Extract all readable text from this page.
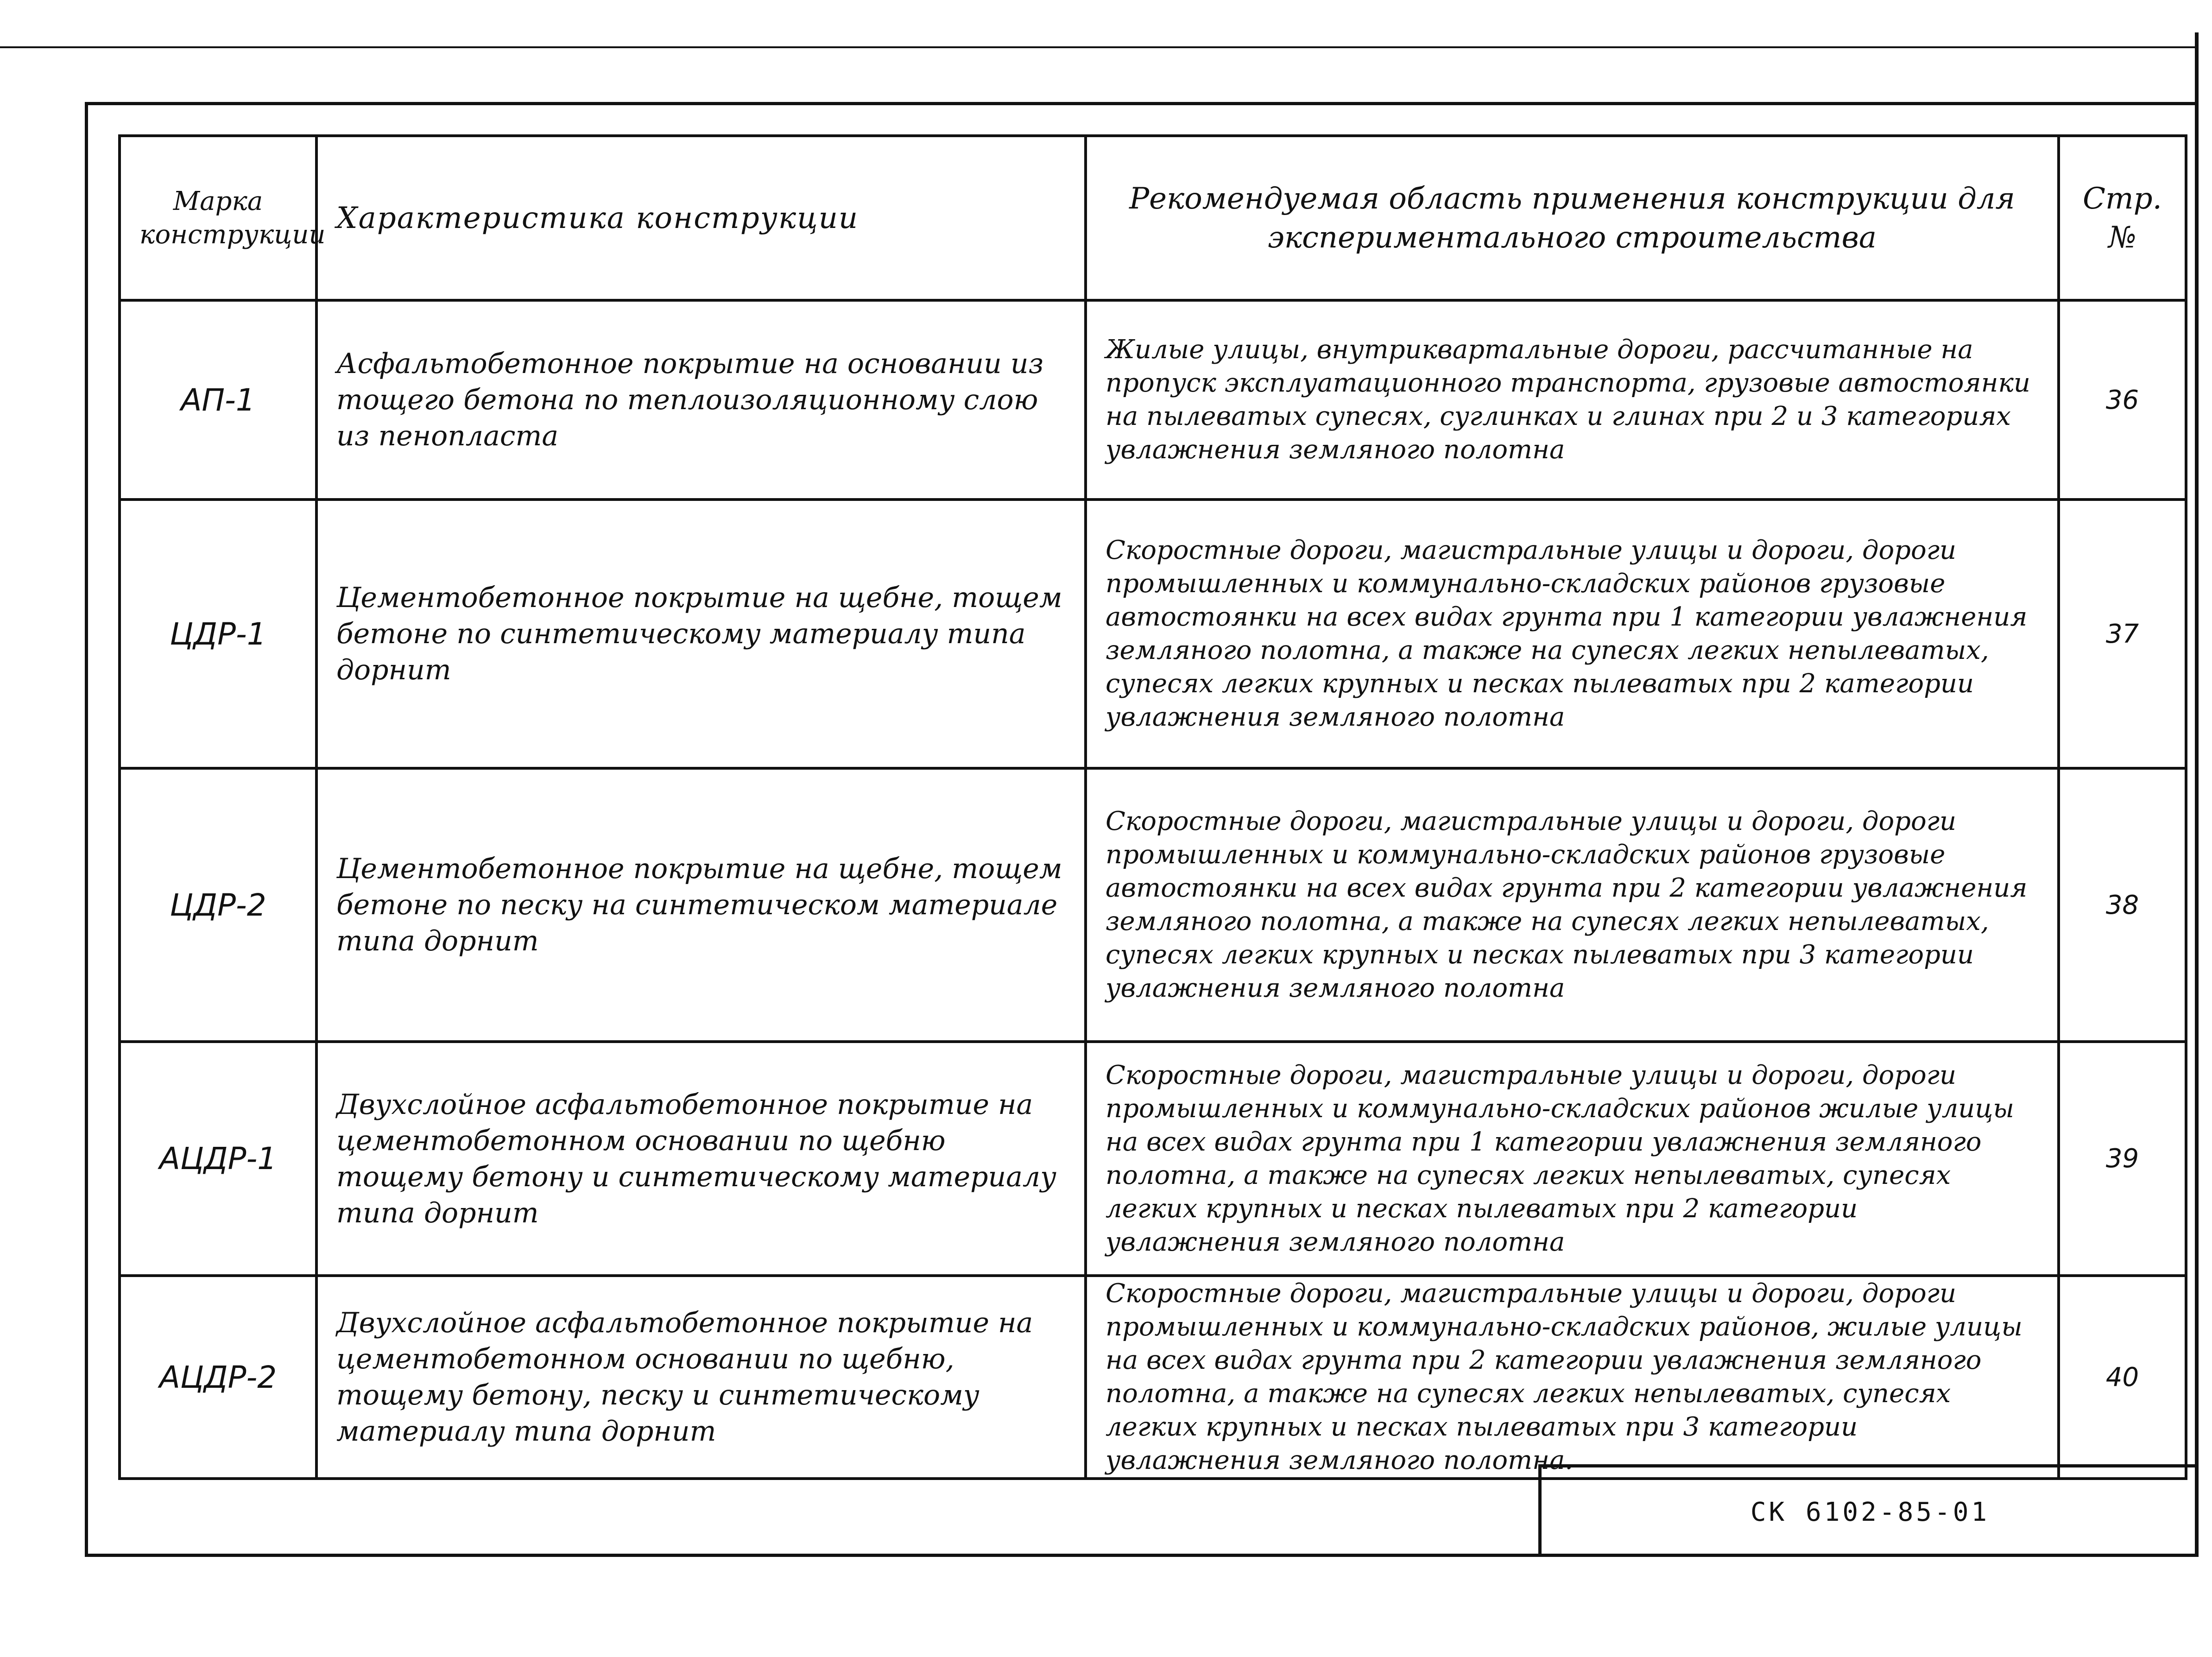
Марка конструкции	Характеристика конструкции	Рекомендуемая область применения конструкции для экспериментального строительства	Стр.№
АП-1	Асфальтобетонное покрытие на основании из тощего бетона по теплоизоляционному слою из пенопласта	Жилые улицы, внутриквартальные дороги, рассчитанные на пропуск эксплуатационного транспорта, грузовые автостоянки на пылеватых супесях, суглинках и глинах при 2 и 3 категориях увлажнения земляного полотна	36
ЦДР-1	Цементобетонное покрытие на щебне, тощем бетоне по синтетическому материалу типа дорнит	Скоростные дороги, магистральные улицы и дороги, дороги промышленных и коммунально-складских районов грузовые автостоянки на всех видах грунта при 1 категории увлажнения земляного полотна, а также на супесях легких непылеватых, супесях легких крупных и песках пылеватых при 2 категории увлажнения земляного полотна	37
ЦДР-2	Цементобетонное покрытие на щебне, тощем бетоне по песку на синтетическом материале типа дорнит	Скоростные дороги, магистральные улицы и дороги, дороги промышленных и коммунально-складских районов грузовые автостоянки на всех видах грунта при 2 категории увлажнения земляного полотна, а также на супесях легких непылеватых, супесях легких крупных и песках пылеватых при 3 категории увлажнения земляного полотна	38
АЦДР-1	Двухслойное асфальтобетонное покрытие на цементобетонном основании по щебню тощему бетону и синтетическому материалу типа дорнит	Скоростные дороги, магистральные улицы и дороги, дороги промышленных и коммунально-складских районов жилые улицы на всех видах грунта при 1 категории увлажнения земляного полотна, а также на супесях легких непылеватых, супесях легких крупных и песках пылеватых при 2 категории увлажнения земляного полотна	39
АЦДР-2	Двухслойное асфальтобетонное покрытие на цементобетонном основании по щебню, тощему бетону, песку и синтетическому материалу типа дорнит	Скоростные дороги, магистральные улицы и дороги, дороги промышленных и коммунально-складских районов, жилые улицы на всех видах грунта при 2 категории увлажнения земляного полотна, а также на супесях легких непылеватых, супесях легких крупных и песках пылеватых при 3 категории увлажнения земляного полотна.	40
СК 6102-85-01
